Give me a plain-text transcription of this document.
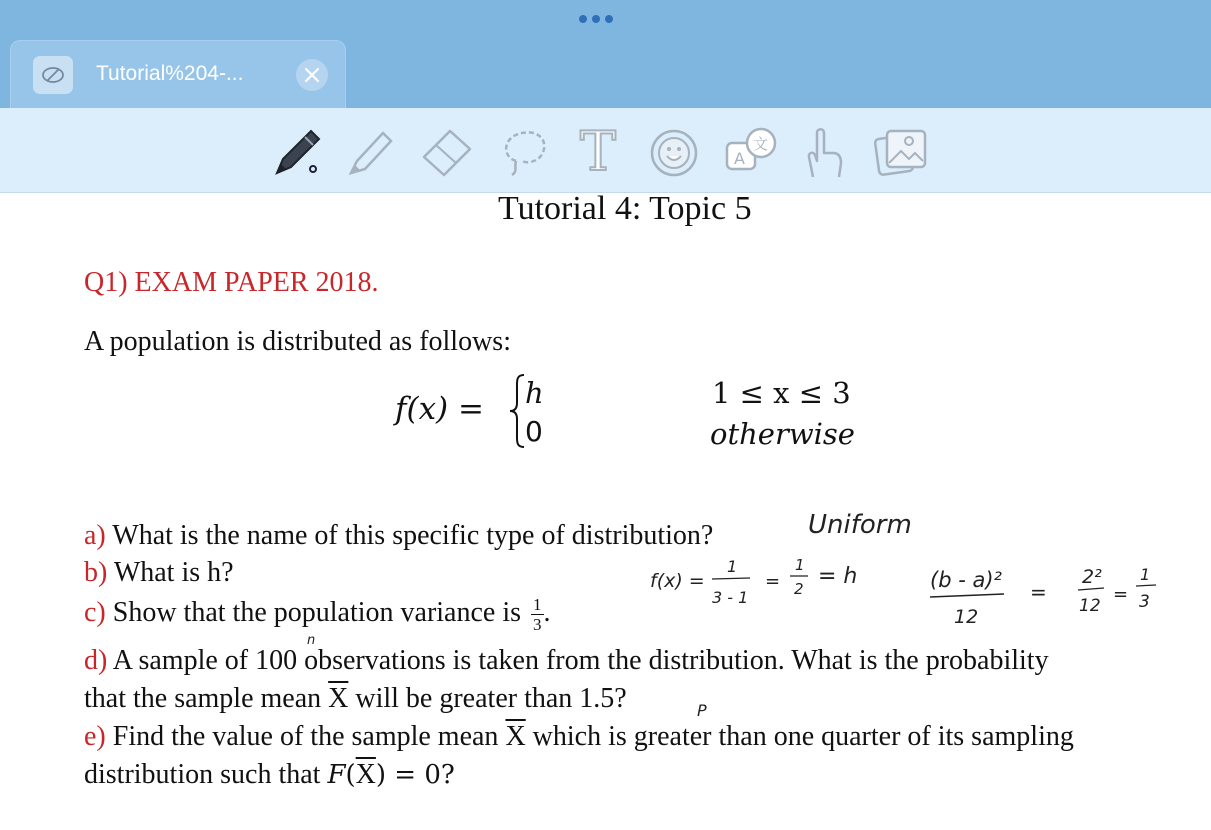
Tutorial%204-...
T	A
文
Tutorial 4: Topic 5
Q1) EXAM PAPER 2018.
A population is distributed as follows:
f(x) = h
0
1 ≤ x ≤ 3
otherwise
a) What is the name of this specific type of distribution?
b) What is h?
c) Show that the population variance is $\frac{1}{3}$ .
d) A sample of 100 observations is taken from the distribution. What is the probability
that the sample mean $\overline{X}$ will be greater than 1.5?
e) Find the value of the sample mean $\overline{X}$ which is greater than one quarter of its sampling
distribution such that $F(\overline{X}) = 0$?
Uniform
f(x) =
1
3 - 1
=
1
2 = h	(b - a)²
12
=
2²
12
=
1
3
n
P
